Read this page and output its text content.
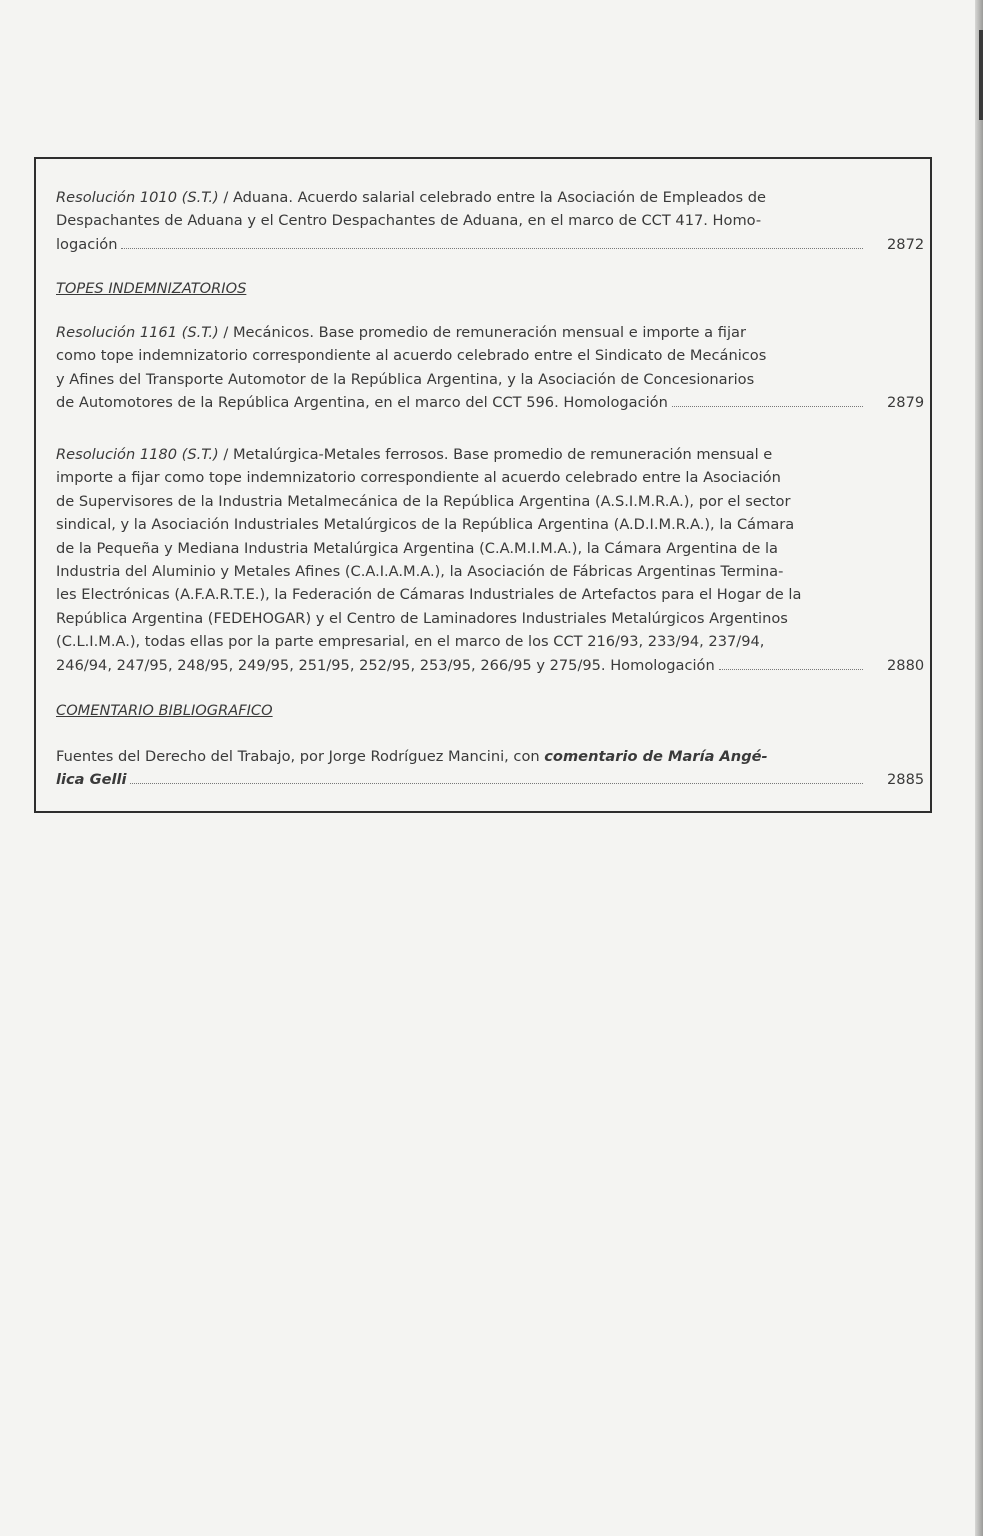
Resolución 1010 (S.T.) / Aduana. Acuerdo salarial celebrado entre la Asociación de Empleados de
Despachantes de Aduana y el Centro Despachantes de Aduana, en el marco de CCT 417. Homo-
logación	2872
TOPES INDEMNIZATORIOS
Resolución 1161 (S.T.) / Mecánicos. Base promedio de remuneración mensual e importe a fijar
como tope indemnizatorio correspondiente al acuerdo celebrado entre el Sindicato de Mecánicos
y Afines del Transporte Automotor de la República Argentina, y la Asociación de Concesionarios
de Automotores de la República Argentina, en el marco del CCT 596. Homologación	2879
Resolución 1180 (S.T.) / Metalúrgica-Metales ferrosos. Base promedio de remuneración mensual e
importe a fijar como tope indemnizatorio correspondiente al acuerdo celebrado entre la Asociación
de Supervisores de la Industria Metalmecánica de la República Argentina (A.S.I.M.R.A.), por el sector
sindical, y la Asociación Industriales Metalúrgicos de la República Argentina (A.D.I.M.R.A.), la Cámara
de la Pequeña y Mediana Industria Metalúrgica Argentina (C.A.M.I.M.A.), la Cámara Argentina de la
Industria del Aluminio y Metales Afines (C.A.I.A.M.A.), la Asociación de Fábricas Argentinas Termina-
les Electrónicas (A.F.A.R.T.E.), la Federación de Cámaras Industriales de Artefactos para el Hogar de la
República Argentina (FEDEHOGAR) y el Centro de Laminadores Industriales Metalúrgicos Argentinos
(C.L.I.M.A.), todas ellas por la parte empresarial, en el marco de los CCT 216/93, 233/94, 237/94,
246/94, 247/95, 248/95, 249/95, 251/95, 252/95, 253/95, 266/95 y 275/95. Homologación	2880
COMENTARIO BIBLIOGRAFICO
Fuentes del Derecho del Trabajo, por Jorge Rodríguez Mancini, con comentario de María Angé-
lica Gelli	2885
